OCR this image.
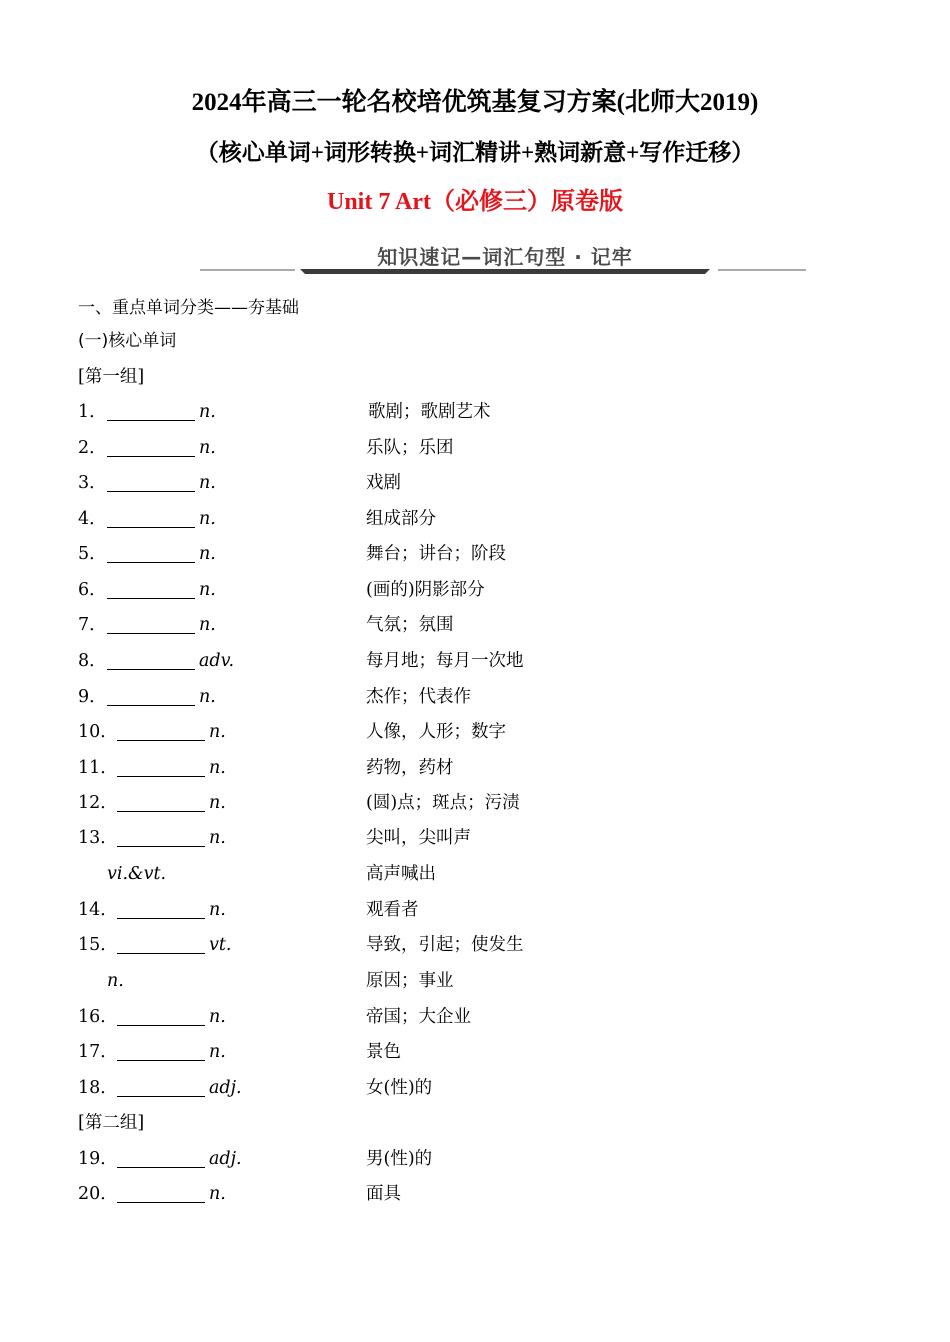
2024年高三一轮名校培优筑基复习方案(北师大2019)
（核心单词+词形转换+词汇精讲+熟词新意+写作迁移）
Unit 7 Art（必修三）原卷版
知识速记—词汇句型 · 记牢
一、重点单词分类——夯基础
(一)核心单词
[第一组]
1．	n.	歌剧；歌剧艺术
2．	n.	乐队；乐团
3．	n.	戏剧
4．	n.	组成部分
5．	n.	舞台；讲台；阶段
6．	n.	(画的)阴影部分
7．	n.	气氛；氛围
8．	adv.	每月地；每月一次地
9．	n.	杰作；代表作
10．	n.	人像，人形；数字
11．	n.	药物，药材
12．	n.	(圆)点；斑点；污渍
13．	n.	尖叫，尖叫声
vi.&vt.	高声喊出
14．	n.	观看者
15．	vt.	导致，引起；使发生
n.	原因；事业
16．	n.	帝国；大企业
17．	n.	景色
18．	adj.	女(性)的
[第二组]
19．	adj.	男(性)的
20．	n.	面具
